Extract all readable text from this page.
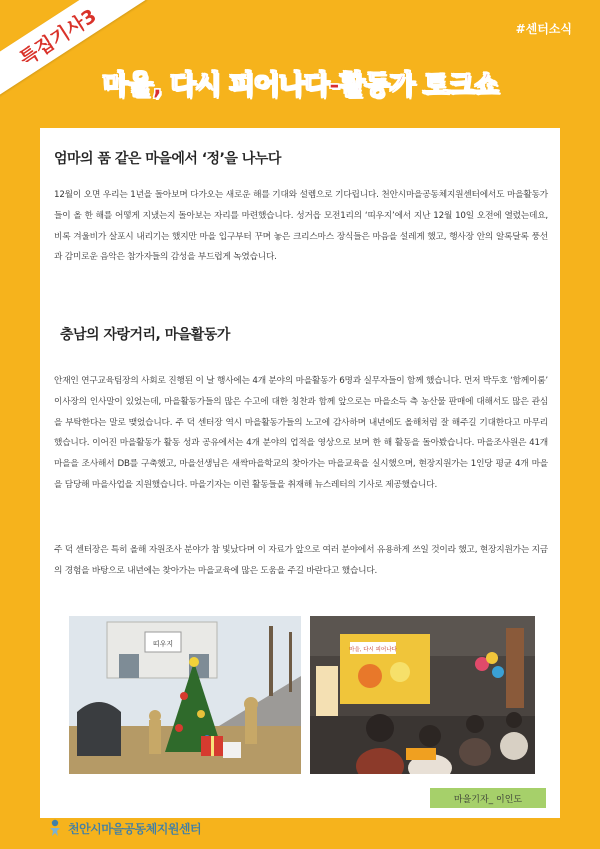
특집기사3	#센터소식
마을, 다시 피어나다-활동가 토크쇼
엄마의 품 같은 마을에서 ‘정’을 나누다

12월이 오면 우리는 1년을 돌아보며 다가오는 새로운 해를 기대와 설렘으로 기다립니다. 천안시마을공동체지원센터에서도 마을활동가들이 올 한 해를 어떻게 지냈는지 돌아보는 자리를 마련했습니다. 성거읍 모전1리의 ‘띠우지’에서 지난 12월 10일 오전에 열렸는데요, 비록 겨울비가 살포시 내리기는 했지만 마을 입구부터 꾸며 놓은 크리스마스 장식들은 마음을 설레게 했고, 행사장 안의 알록달록 풍선과 감미로운 음악은 참가자들의 감성을 부드럽게 녹였습니다.

충남의 자랑거리, 마을활동가

안재인 연구교육팀장의 사회로 진행된 이 날 행사에는 4개 분야의 마을활동가 6명과 실무자들이 함께 했습니다. 먼저 박두호 ‘함께이룸’ 이사장의 인사말이 있었는데, 마을활동가들의 많은 수고에 대한 칭찬과 함께 앞으로는 마을소득 측 농산물 판매에 대해서도 많은 관심을 부탁한다는 말로 맺었습니다. 주 덕 센터장 역시 마을활동가들의 노고에 감사하며 내년에도 올해처럼 잘 해주길 기대한다고 마무리했습니다. 이어진 마을활동가 활동 성과 공유에서는 4개 분야의 업적을 영상으로 보며 한 해 활동을 돌아봤습니다. 마을조사원은 41개 마을을 조사해서 DB를 구축했고, 마을선생님은 새싹마을학교의 찾아가는 마을교육을 실시했으며, 현장지원가는 1인당 평균 4개 마을을 담당해 마을사업을 지원했습니다. 마을기자는 이런 활동들을 취재해 뉴스레터의 기사로 제공했습니다.

주 덕 센터장은 특히 올해 자원조사 분야가 참 빛났다며 이 자료가 앞으로 여러 분야에서 유용하게 쓰일 것이라 했고, 현장지원가는 지금의 경험을 바탕으로 내년에는 찾아가는 마을교육에 많은 도움을 주길 바란다고 했습니다.

띠우지
마을, 다시 피어나다
마을기자_ 이인도
천안시마을공동체지원센터
